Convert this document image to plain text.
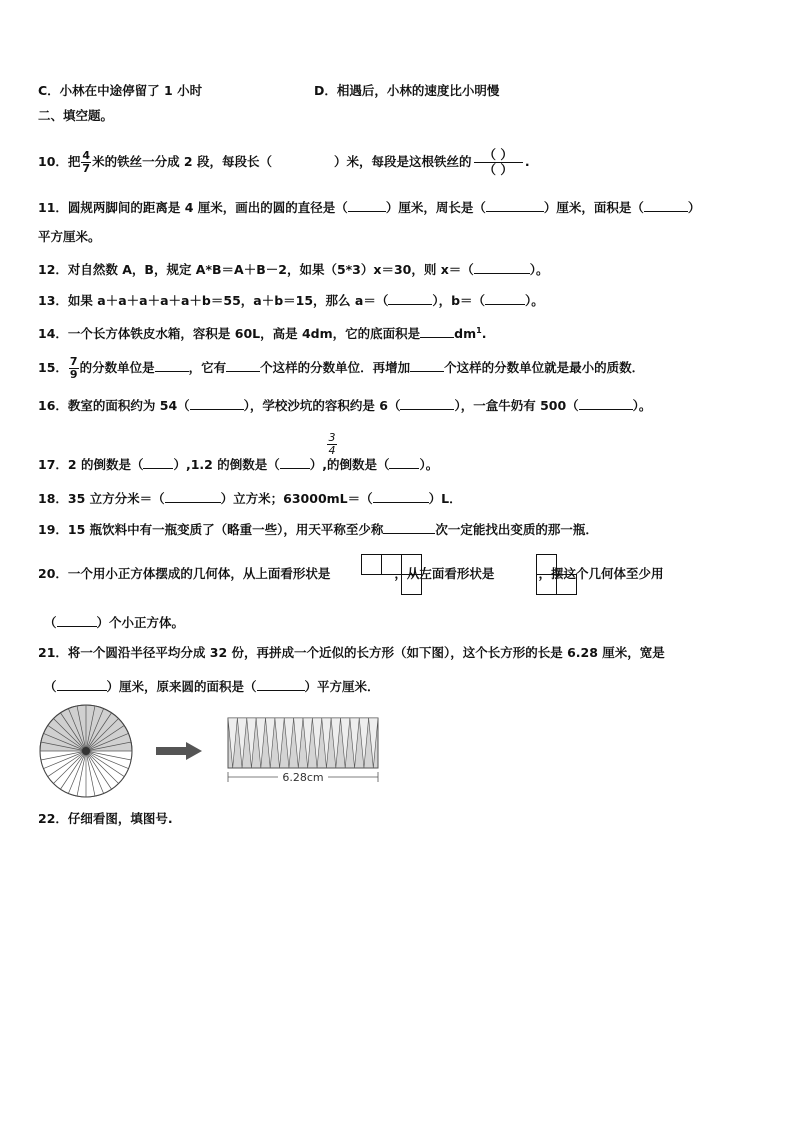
C．小林在中途停留了 1 小时	D．相遇后，小林的速度比小明慢
二、填空题。
10．把 $\frac{4}{7}$ 米的铁丝一分成 2 段，每段长（	）米，每段是这根铁丝的 $\frac{( )}{( )}$ .
11．圆规两脚间的距离是 4 厘米，画出的圆的直径是（	）厘米，周长是（	）厘米，面积是（	）
平方厘米。
12．对自然数 A，B，规定 A*B＝A＋B－2，如果（5*3）x＝30，则 x＝（	）。
13．如果 a＋a＋a＋a＋a＋b＝55，a＋b＝15，那么 a＝（	），b＝（	）。
14．一个长方体铁皮水箱，容积是 60L，高是 4dm，它的底面积是	$dm^1$.
15． $\frac{7}{9}$ 的分数单位是	，它有	个这样的分数单位．再增加	个这样的分数单位就是最小的质数．
16．教室的面积约为 54（	），学校沙坑的容积约是 6（	），一盒牛奶有 500（	）。
17．2 的倒数是（ ）,1.2 的倒数是（ ）,的倒数是（ ）。
3
4
18．35 立方分米＝（	）立方米；63000mL＝（	）L．
19．15 瓶饮料中有一瓶变质了（略重一些），用天平称至少称	次一定能找出变质的那一瓶．
20．一个用小正方体摆成的几何体，从上面看形状是	，从左面看形状是	，摆这个几何体至少用
（	）个小正方体。
21．将一个圆沿半径平均分成 32 份，再拼成一个近似的长方形（如下图），这个长方形的长是 6.28 厘米，宽是
（	）厘米，原来圆的面积是（	）平方厘米．
6.28cm
22．仔细看图，填图号.
